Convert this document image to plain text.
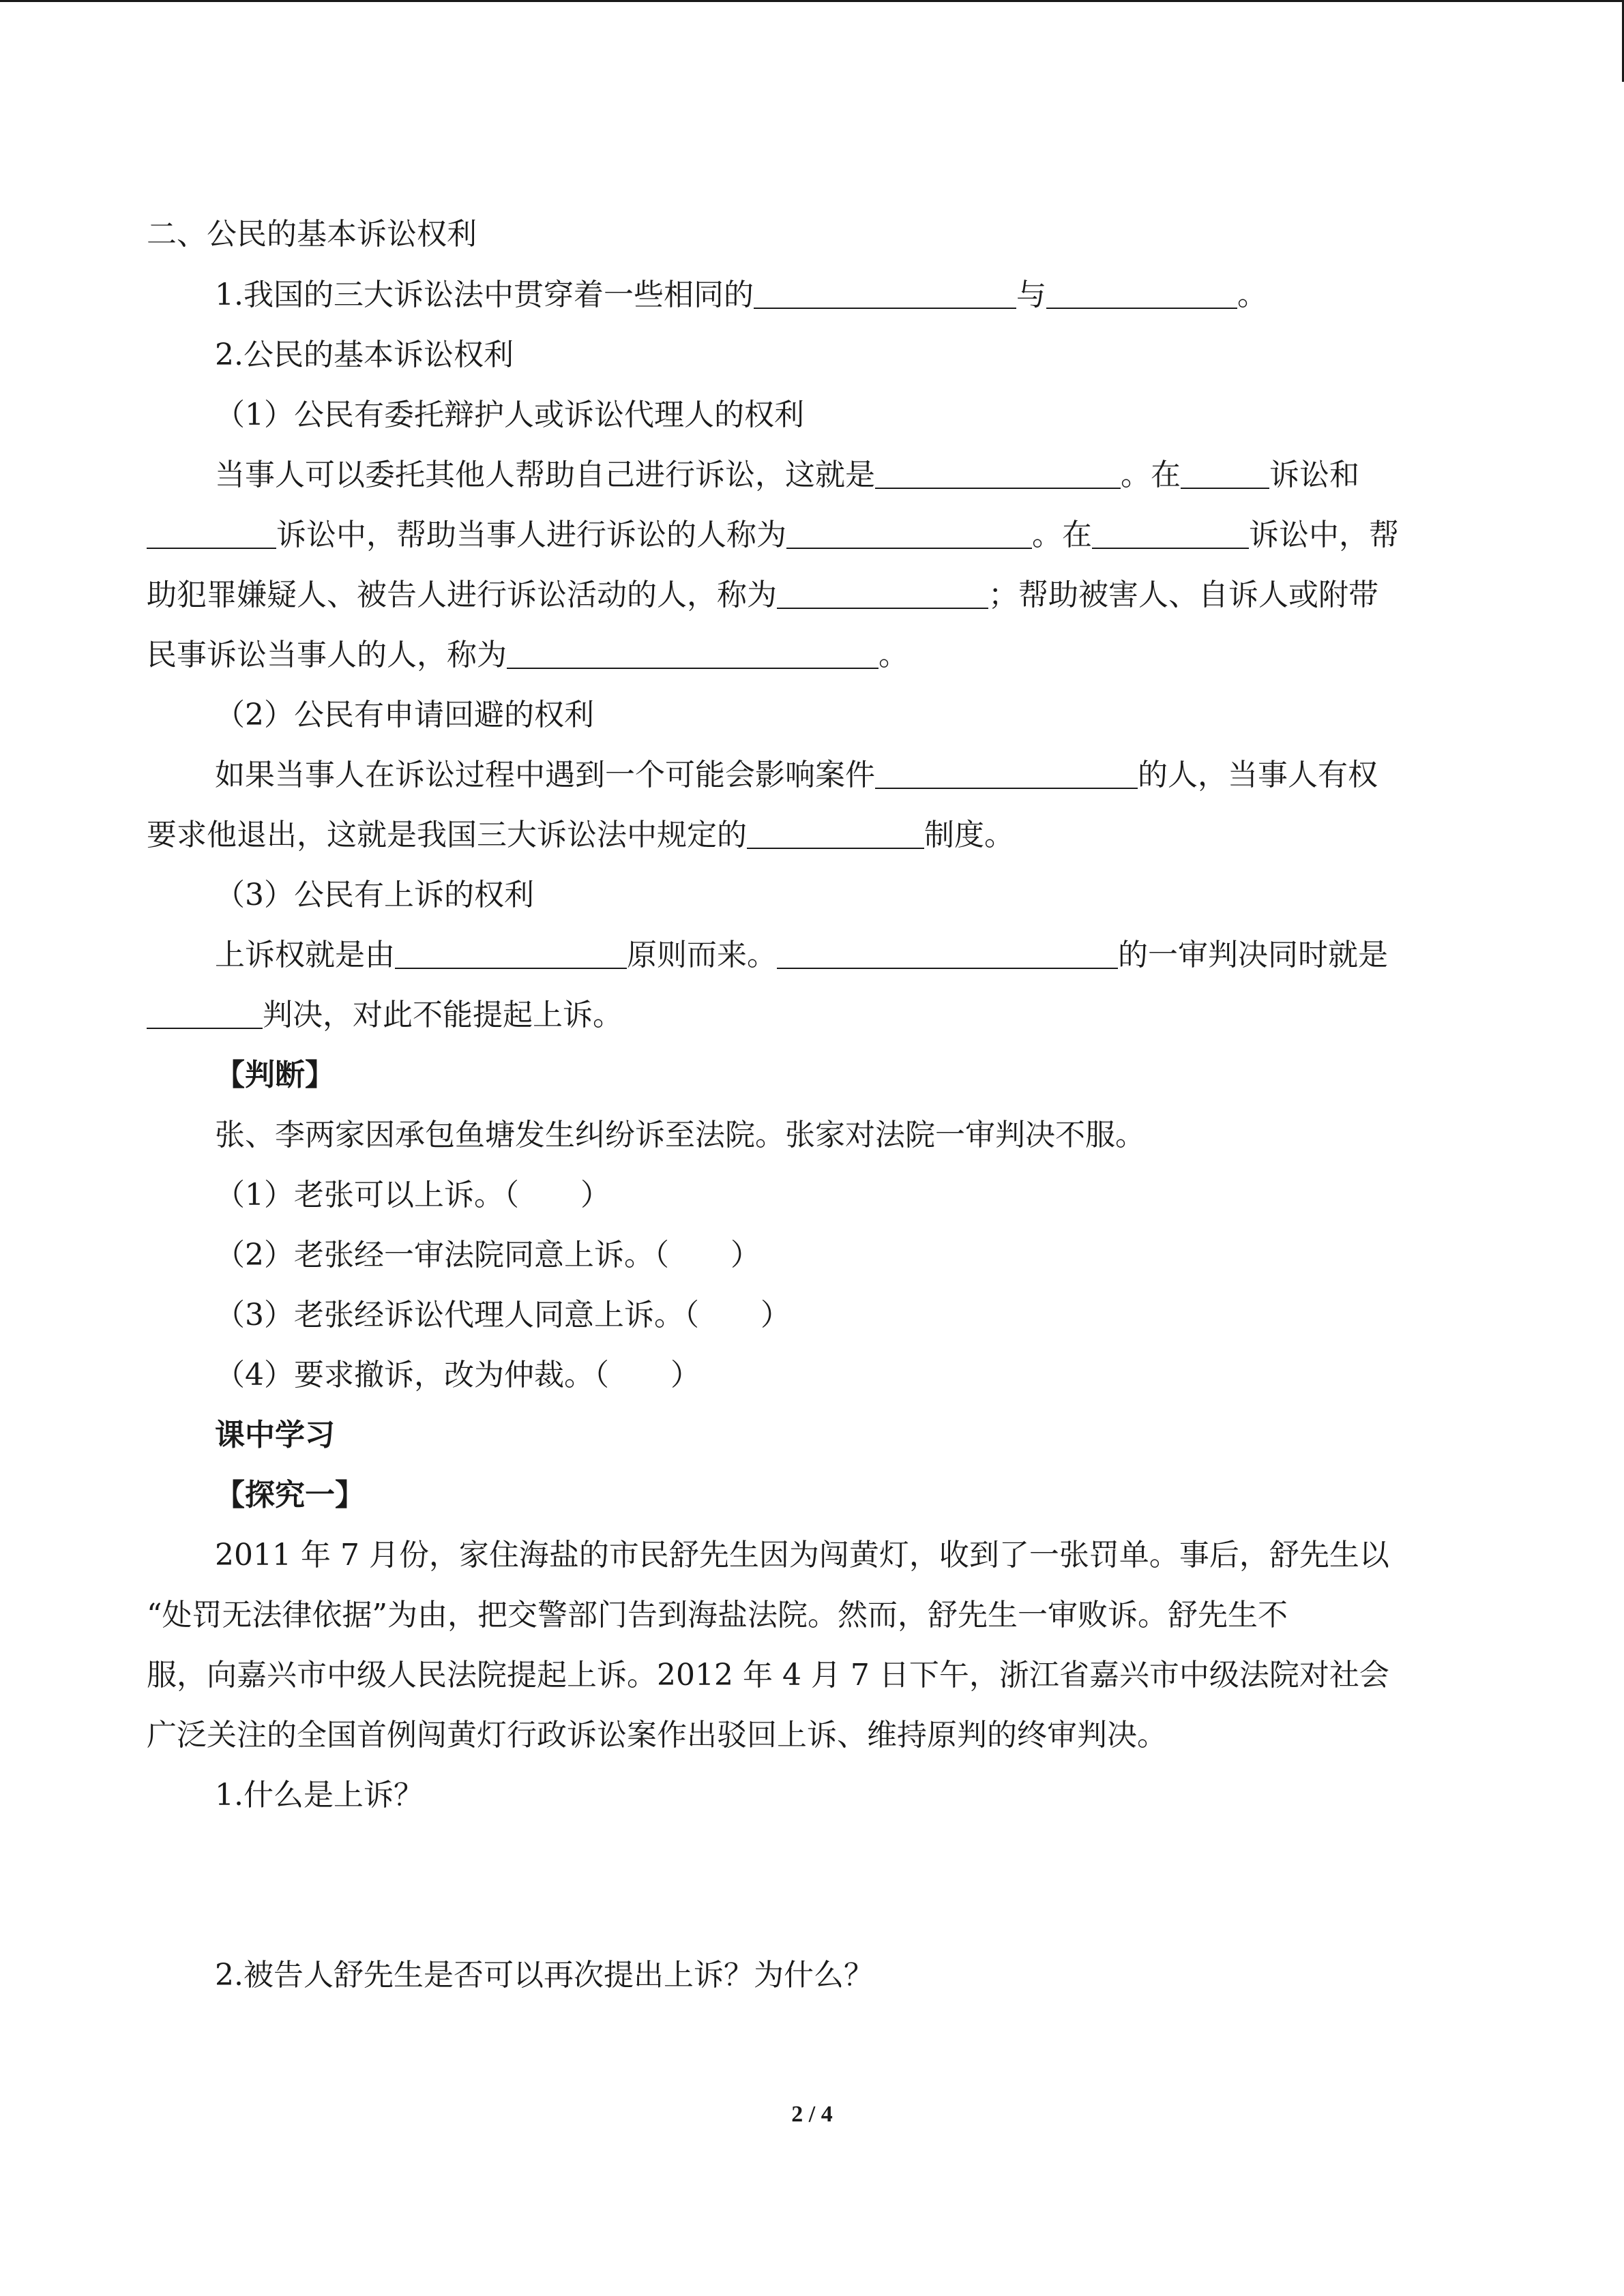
二、公民的基本诉讼权利
1.我国的三大诉讼法中贯穿着一些相同的	与	。
2.公民的基本诉讼权利
（1）公民有委托辩护人或诉讼代理人的权利
当事人可以委托其他人帮助自己进行诉讼，这就是	。在	诉讼和
诉讼中，帮助当事人进行诉讼的人称为	。在	诉讼中，帮
助犯罪嫌疑人、被告人进行诉讼活动的人，称为	；帮助被害人、自诉人或附带
民事诉讼当事人的人，称为	。
（2）公民有申请回避的权利
如果当事人在诉讼过程中遇到一个可能会影响案件	的人，当事人有权
要求他退出，这就是我国三大诉讼法中规定的	制度。
（3）公民有上诉的权利
上诉权就是由	原则而来。	的一审判决同时就是
判决，对此不能提起上诉。
【判断】
张、李两家因承包鱼塘发生纠纷诉至法院。张家对法院一审判决不服。
（1）老张可以上诉。（ ）
（2）老张经一审法院同意上诉。（ ）
（3）老张经诉讼代理人同意上诉。（ ）
（4）要求撤诉，改为仲裁。（ ）
课中学习
【探究一】
2011 年 7 月份，家住海盐的市民舒先生因为闯黄灯，收到了一张罚单。事后，舒先生以
“处罚无法律依据”为由，把交警部门告到海盐法院。然而，舒先生一审败诉。舒先生不
服，向嘉兴市中级人民法院提起上诉。2012 年 4 月 7 日下午，浙江省嘉兴市中级法院对社会
广泛关注的全国首例闯黄灯行政诉讼案作出驳回上诉、维持原判的终审判决。
1.什么是上诉？
2.被告人舒先生是否可以再次提出上诉？为什么？
2 / 4
